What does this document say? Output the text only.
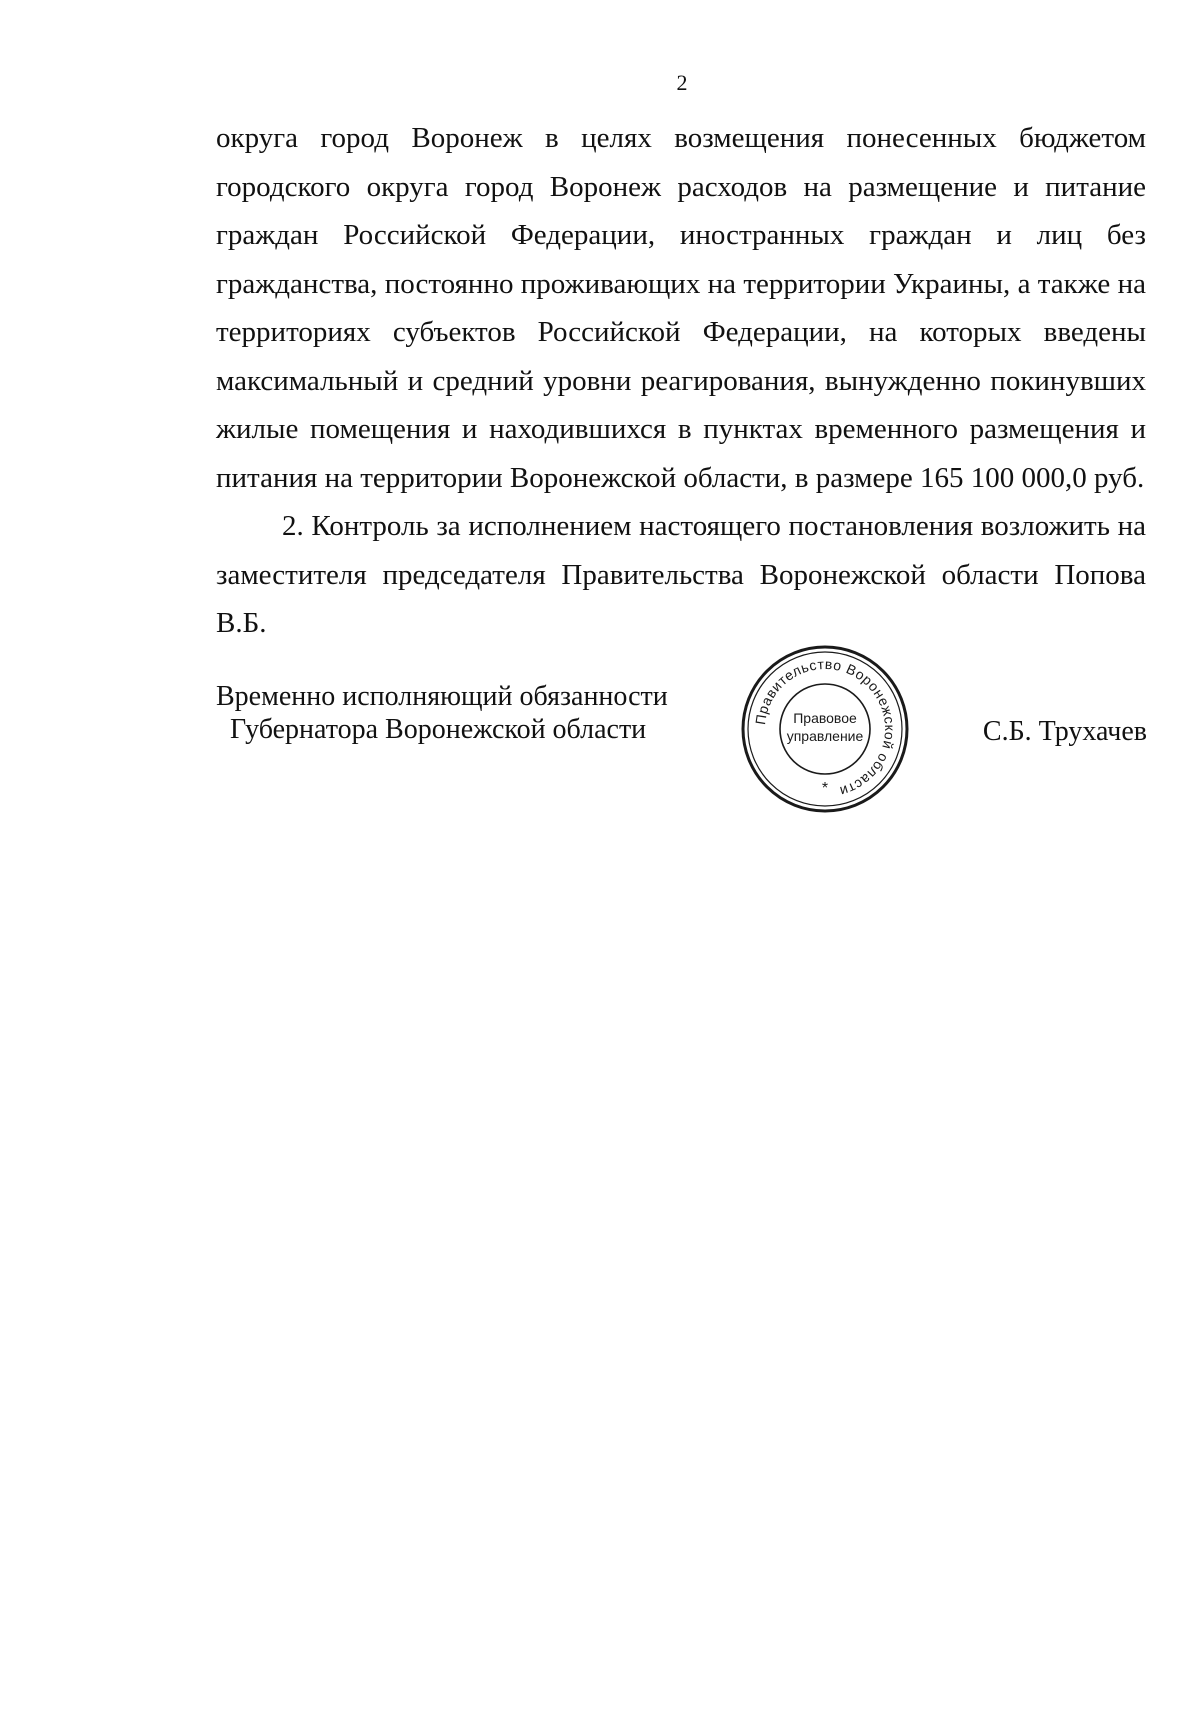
2

округа город Воронеж в целях возмещения понесенных бюджетом городского округа город Воронеж расходов на размещение и питание граждан Российской Федерации, иностранных граждан и лиц без гражданства, постоянно проживающих на территории Украины, а также на территориях субъектов Российской Федерации, на которых введены максимальный и средний уровни реагирования, вынужденно покинувших жилые помещения и находившихся в пунктах временного размещения и питания на территории Воронежской области, в размере 165 100 000,0 руб.

2. Контроль за исполнением настоящего постановления возложить на заместителя председателя Правительства Воронежской области Попова В.Б.

Временно исполняющий обязанности
Губернатора Воронежской области	Правительство Воронежской области
Правовое
управление
*
С.Б. Трухачев
